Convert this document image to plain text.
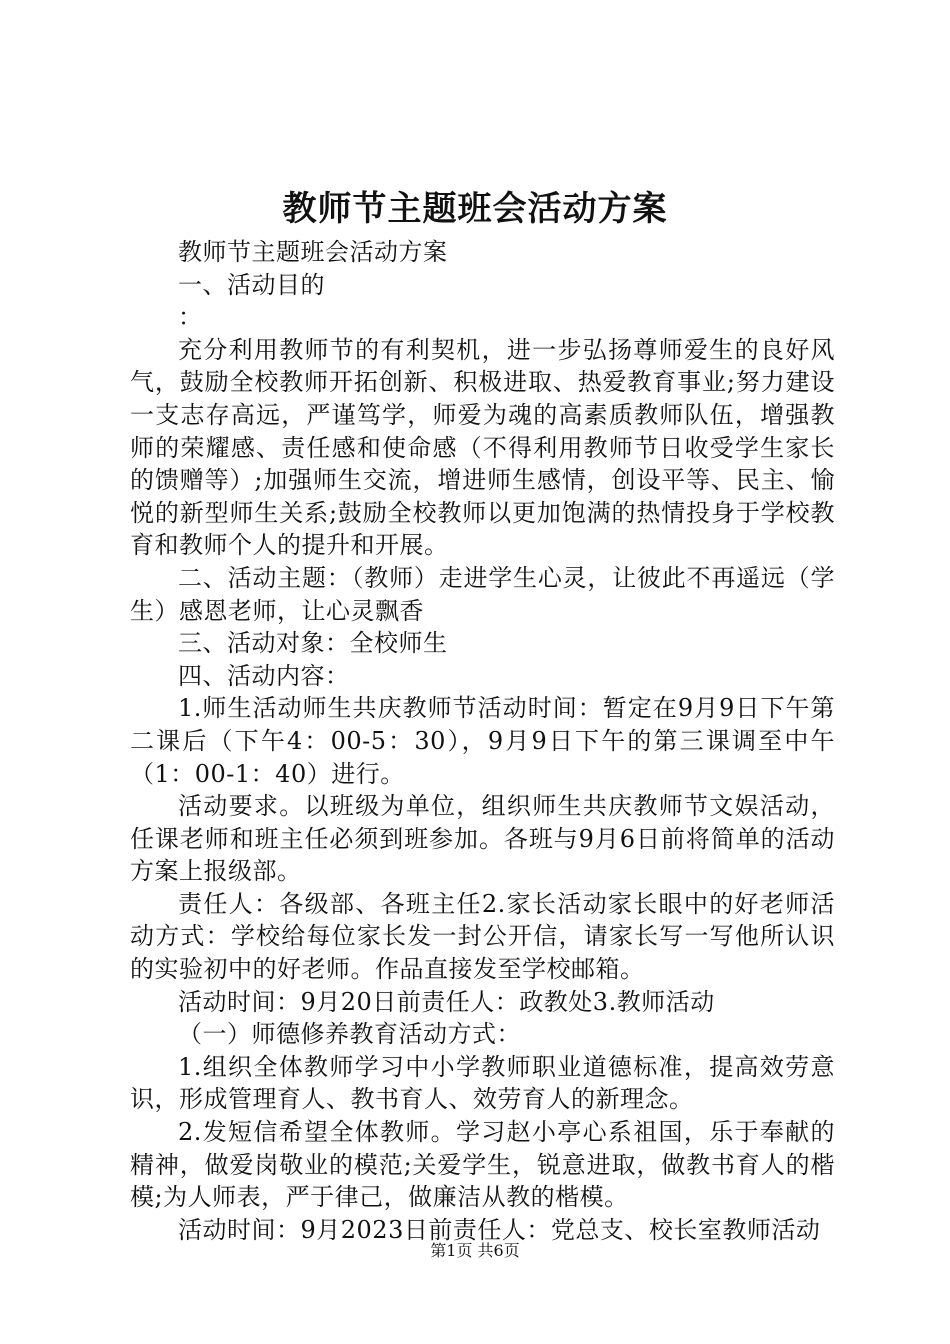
教师节主题班会活动方案

教师节主题班会活动方案

一、活动目的

：

充分利用教师节的有利契机，进一步弘扬尊师爱生的良好风气，鼓励全校教师开拓创新、积极进取、热爱教育事业;努力建设一支志存高远，严谨笃学，师爱为魂的高素质教师队伍，增强教师的荣耀感、责任感和使命感（不得利用教师节日收受学生家长的馈赠等）;加强师生交流，增进师生感情，创设平等、民主、愉悦的新型师生关系;鼓励全校教师以更加饱满的热情投身于学校教育和教师个人的提升和开展。

二、活动主题：（教师）走进学生心灵，让彼此不再遥远（学生）感恩老师，让心灵飘香

三、活动对象：全校师生

四、活动内容：

1.师生活动师生共庆教师节活动时间：暂定在9月9日下午第二课后（下午4：00-5：30），9月9日下午的第三课调至中午（1：00-1：40）进行。

活动要求。以班级为单位，组织师生共庆教师节文娱活动，任课老师和班主任必须到班参加。各班与9月6日前将简单的活动方案上报级部。

责任人：各级部、各班主任2.家长活动家长眼中的好老师活动方式：学校给每位家长发一封公开信，请家长写一写他所认识的实验初中的好老师。作品直接发至学校邮箱。

活动时间：9月20日前责任人：政教处3.教师活动

（一）师德修养教育活动方式：

1.组织全体教师学习中小学教师职业道德标准，提高效劳意识，形成管理育人、教书育人、效劳育人的新理念。

2.发短信希望全体教师。学习赵小亭心系祖国，乐于奉献的精神，做爱岗敬业的模范;关爱学生，锐意进取，做教书育人的楷模;为人师表，严于律己，做廉洁从教的楷模。

活动时间：9月2023日前责任人：党总支、校长室教师活动

第1页 共6页
